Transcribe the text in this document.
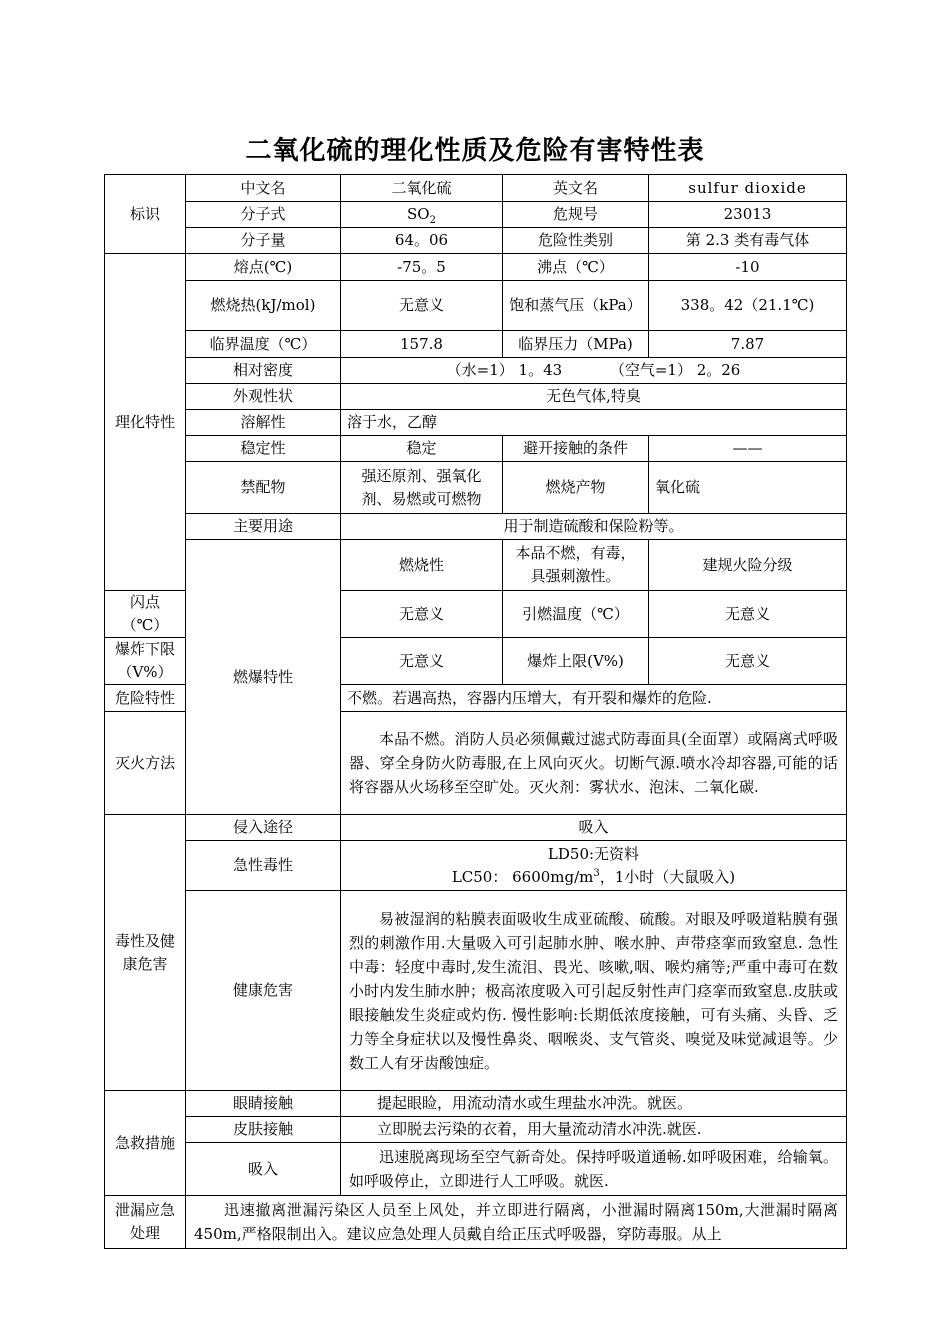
二氧化硫的理化性质及危险有害特性表
标识	中文名	二氧化硫	英文名	sulfur dioxide	
	分子式	$SO_2$	危规号	23013	
	分子量	64。06	危险性类别	第 2.3 类有毒气体	
理化特性	熔点(℃)	-75。5	沸点（℃）	-10	
	燃烧热(kJ/mol)	无意义	饱和蒸气压（kPa）	338。42（21.1℃)	
	临界温度（℃）	157.8	临界压力（MPa)	7.87	
	相对密度	（水=1） 1。43          （空气=1） 2。26			
	外观性状	无色气体,特臭			
	溶解性	溶于水，乙醇			
	稳定性	稳定	避开接触的条件	——	
	禁配物	强还原剂、强氧化剂、易燃或可燃物	燃烧产物	氧化硫	
	主要用途	用于制造硫酸和保险粉等。			
	燃爆特性	燃烧性	本品不燃，有毒，具强刺激性。	建规火险分级	
闪点（℃）		无意义	引燃温度（℃）	无意义	
爆炸下限（V%）		无意义	爆炸上限(V%)	无意义	
危险特性		不燃。若遇高热，容器内压增大，有开裂和爆炸的危险.			
灭火方法		本品不燃。消防人员必须佩戴过滤式防毒面具(全面罩）或隔离式呼吸器、穿全身防火防毒服,在上风向灭火。切断气源.喷水冷却容器,可能的话将容器从火场移至空旷处。灭火剂：雾状水、泡沫、二氧化碳.			

毒性及健康危害	侵入途径	吸入			
	急性毒性	LD50:无资料
LC50： $6600mg/m^3$，1小时（大鼠吸入)			

	健康危害	易被湿润的粘膜表面吸收生成亚硫酸、硫酸。对眼及呼吸道粘膜有强烈的刺激作用.大量吸入可引起肺水肿、喉水肿、声带痉挛而致窒息. 急性中毒：轻度中毒时,发生流泪、畏光、咳嗽,咽、喉灼痛等;严重中毒可在数小时内发生肺水肿；极高浓度吸入可引起反射性声门痉挛而致窒息.皮肤或眼接触发生炎症或灼伤. 慢性影响:长期低浓度接触，可有头痛、头昏、乏力等全身症状以及慢性鼻炎、咽喉炎、支气管炎、嗅觉及味觉减退等。少数工人有牙齿酸蚀症。			

急救措施	眼睛接触	提起眼睑，用流动清水或生理盐水冲洗。就医。			

	皮肤接触	立即脱去污染的衣着，用大量流动清水冲洗.就医.			

	吸入	迅速脱离现场至空气新奇处。保持呼吸道通畅.如呼吸困难，给输氧。如呼吸停止，立即进行人工呼吸。就医.			

泄漏应急处理	迅速撤离泄漏污染区人员至上风处，并立即进行隔离，小泄漏时隔离150m,大泄漏时隔离450m,严格限制出入。建议应急处理人员戴自给正压式呼吸器，穿防毒服。从上				
